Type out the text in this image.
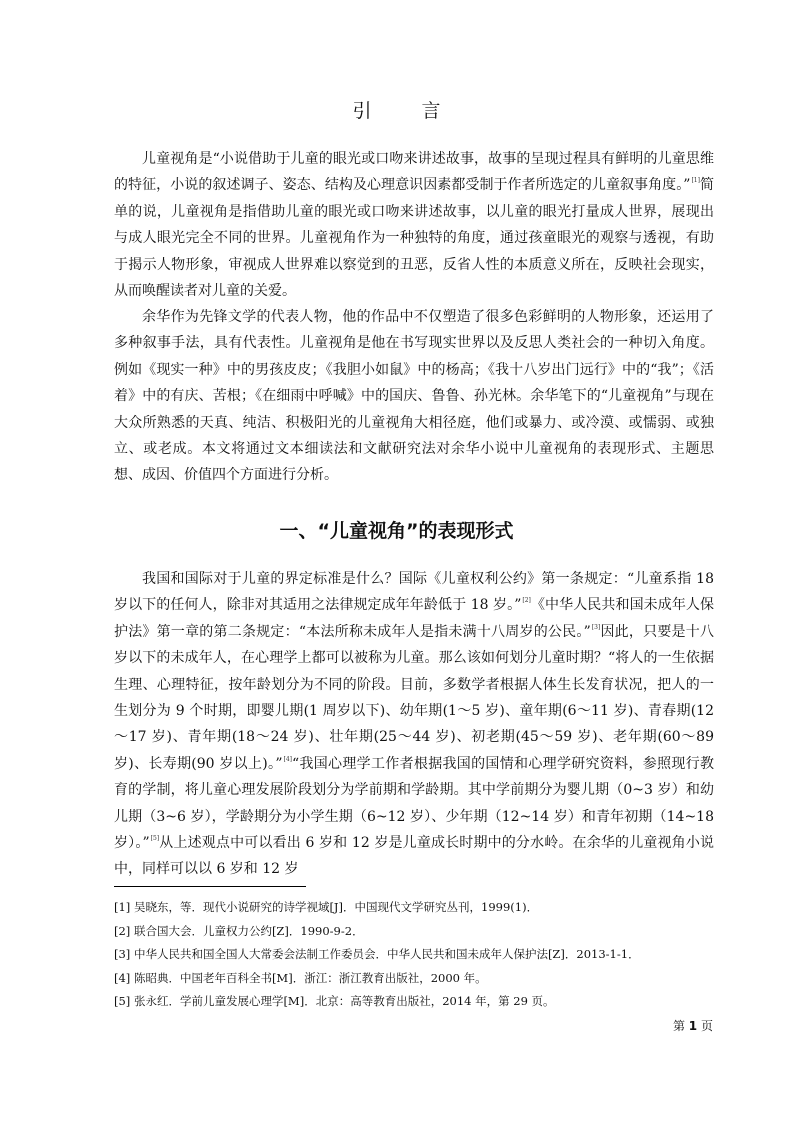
引 言

儿童视角是“小说借助于儿童的眼光或口吻来讲述故事，故事的呈现过程具有鲜明的儿童思维的特征，小说的叙述调子、姿态、结构及心理意识因素都受制于作者所选定的儿童叙事角度。”[1]简单的说，儿童视角是指借助儿童的眼光或口吻来讲述故事，以儿童的眼光打量成人世界，展现出与成人眼光完全不同的世界。儿童视角作为一种独特的角度，通过孩童眼光的观察与透视，有助于揭示人物形象，审视成人世界难以察觉到的丑恶，反省人性的本质意义所在，反映社会现实，从而唤醒读者对儿童的关爱。

余华作为先锋文学的代表人物，他的作品中不仅塑造了很多色彩鲜明的人物形象，还运用了多种叙事手法，具有代表性。儿童视角是他在书写现实世界以及反思人类社会的一种切入角度。例如《现实一种》中的男孩皮皮；《我胆小如鼠》中的杨高；《我十八岁出门远行》中的“我”；《活着》中的有庆、苦根；《在细雨中呼喊》中的国庆、鲁鲁、孙光林。余华笔下的“儿童视角”与现在大众所熟悉的天真、纯洁、积极阳光的儿童视角大相径庭，他们或暴力、或冷漠、或懦弱、或独立、或老成。本文将通过文本细读法和文献研究法对余华小说中儿童视角的表现形式、主题思想、成因、价值四个方面进行分析。

一、“儿童视角”的表现形式

我国和国际对于儿童的界定标准是什么？国际《儿童权利公约》第一条规定：“儿童系指 18 岁以下的任何人，除非对其适用之法律规定成年年龄低于 18 岁。”[2]《中华人民共和国未成年人保护法》第一章的第二条规定：“本法所称未成年人是指未满十八周岁的公民。”[3]因此，只要是十八岁以下的未成年人，在心理学上都可以被称为儿童。那么该如何划分儿童时期？“将人的一生依据生理、心理特征，按年龄划分为不同的阶段。目前，多数学者根据人体生长发育状况，把人的一生划分为 9 个时期，即婴儿期(1 周岁以下)、幼年期(1～5 岁)、童年期(6～11 岁)、青春期(12～17 岁)、青年期(18～24 岁)、壮年期(25～44 岁)、初老期(45～59 岁)、老年期(60～89 岁)、长寿期(90 岁以上)。”[4]“我国心理学工作者根据我国的国情和心理学研究资料，参照现行教育的学制，将儿童心理发展阶段划分为学前期和学龄期。其中学前期分为婴儿期（0~3 岁）和幼儿期（3~6 岁），学龄期分为小学生期（6~12 岁）、少年期（12~14 岁）和青年初期（14~18 岁）。”[5]从上述观点中可以看出 6 岁和 12 岁是儿童成长时期中的分水岭。在余华的儿童视角小说中，同样可以以 6 岁和 12 岁

[1] 吴晓东，等．现代小说研究的诗学视域[J]．中国现代文学研究丛刊，1999(1)．
[2] 联合国大会．儿童权力公约[Z]．1990-9-2．
[3] 中华人民共和国全国人大常委会法制工作委员会．中华人民共和国未成年人保护法[Z]．2013-1-1．
[4] 陈昭典．中国老年百科全书[M]．浙江：浙江教育出版社，2000 年。
[5] 张永红．学前儿童发展心理学[M]．北京：高等教育出版社，2014 年，第 29 页。
第 1 页
